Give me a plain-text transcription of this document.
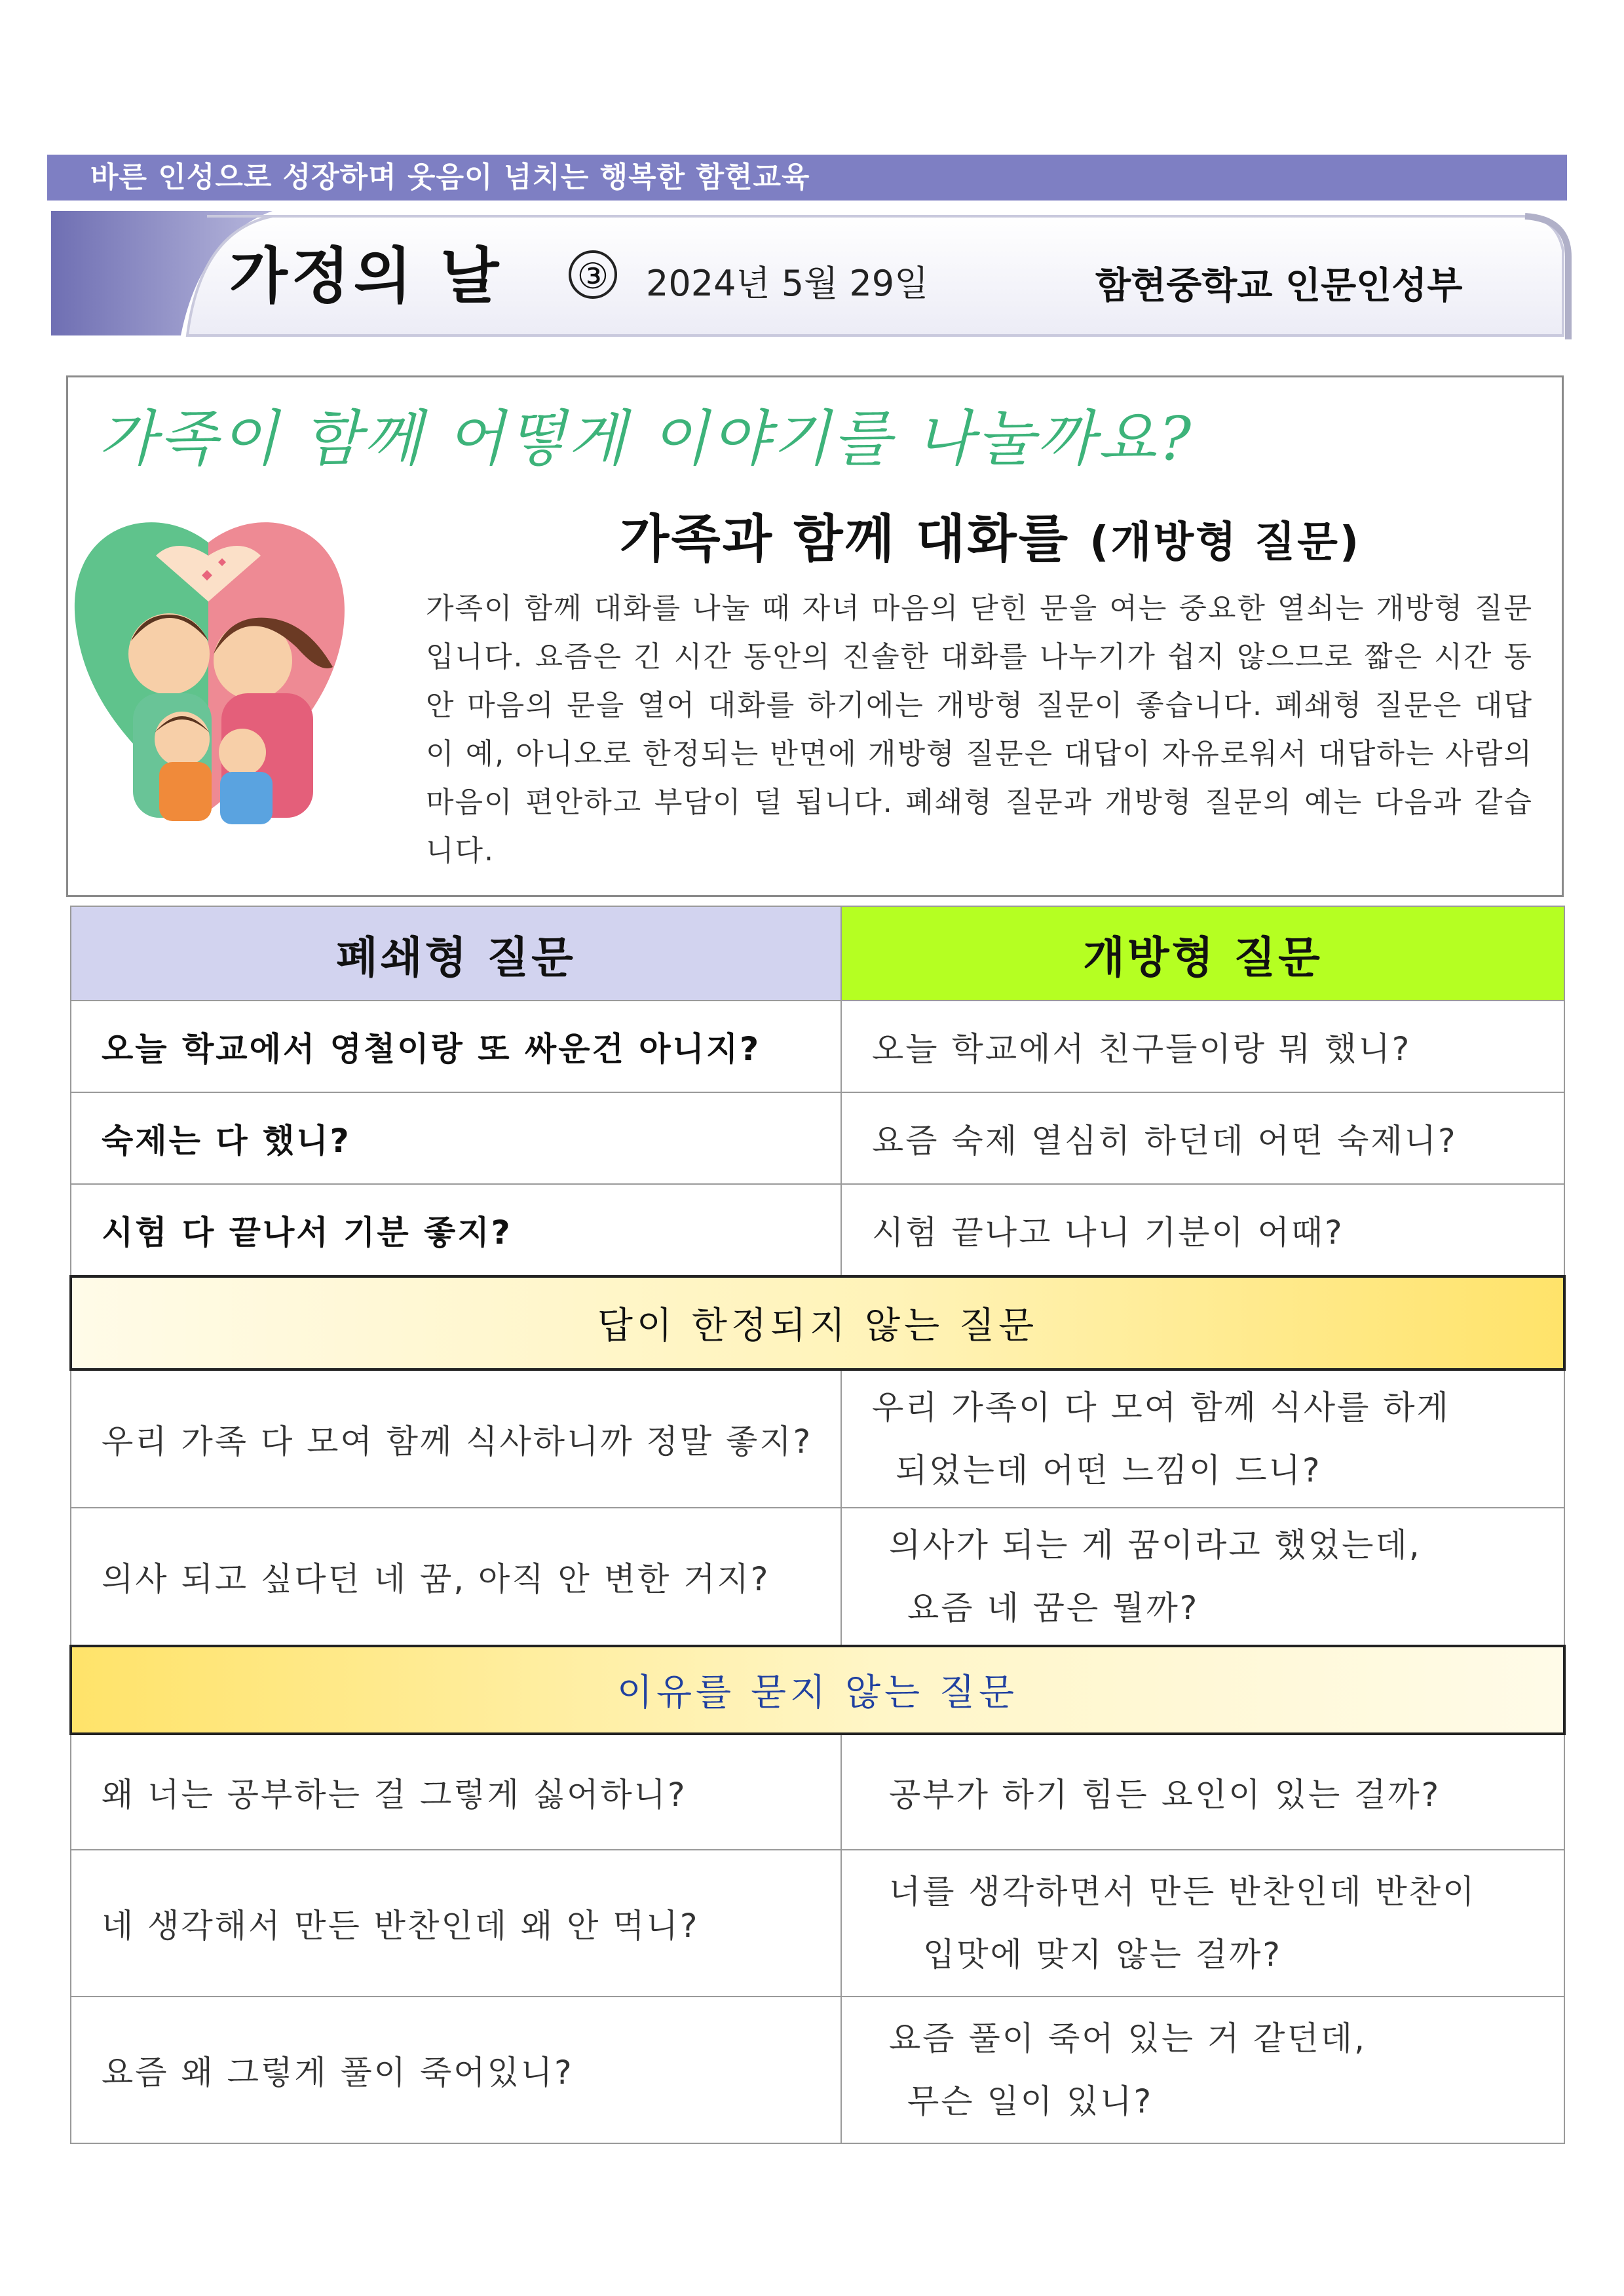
바른 인성으로 성장하며 웃음이 넘치는 행복한 함현교육
가정의 날 ③ 2024년 5월 29일	함현중학교 인문인성부
가족이 함께 어떻게 이야기를 나눌까요?
가족과 함께 대화를 (개방형 질문)
가족이 함께 대화를 나눌 때 자녀 마음의 닫힌 문을 여는 중요한 열쇠는 개방형 질문입니다. 요즘은 긴 시간 동안의 진솔한 대화를 나누기가 쉽지 않으므로 짧은 시간 동안 마음의 문을 열어 대화를 하기에는 개방형 질문이 좋습니다. 폐쇄형 질문은 대답이 예, 아니오로 한정되는 반면에 개방형 질문은 대답이 자유로워서 대답하는 사람의 마음이 편안하고 부담이 덜 됩니다. 폐쇄형 질문과 개방형 질문의 예는 다음과 같습니다.
폐쇄형 질문	개방형 질문
오늘 학교에서 영철이랑 또 싸운건 아니지?	오늘 학교에서 친구들이랑 뭐 했니?
숙제는 다 했니?	요즘 숙제 열심히 하던데 어떤 숙제니?
시험 다 끝나서 기분 좋지?	시험 끝나고 나니 기분이 어때?
답이 한정되지 않는 질문	
우리 가족 다 모여 함께 식사하니까 정말 좋지?	우리 가족이 다 모여 함께 식사를 하게
되었는데 어떤 느낌이 드니?
의사 되고 싶다던 네 꿈, 아직 안 변한 거지?	의사가 되는 게 꿈이라고 했었는데,
요즘 네 꿈은 뭘까?
이유를 묻지 않는 질문	
왜 너는 공부하는 걸 그렇게 싫어하니?	공부가 하기 힘든 요인이 있는 걸까?
네 생각해서 만든 반찬인데 왜 안 먹니?	너를 생각하면서 만든 반찬인데 반찬이
입맛에 맞지 않는 걸까?
요즘 왜 그렇게 풀이 죽어있니?	요즘 풀이 죽어 있는 거 같던데,
무슨 일이 있니?
